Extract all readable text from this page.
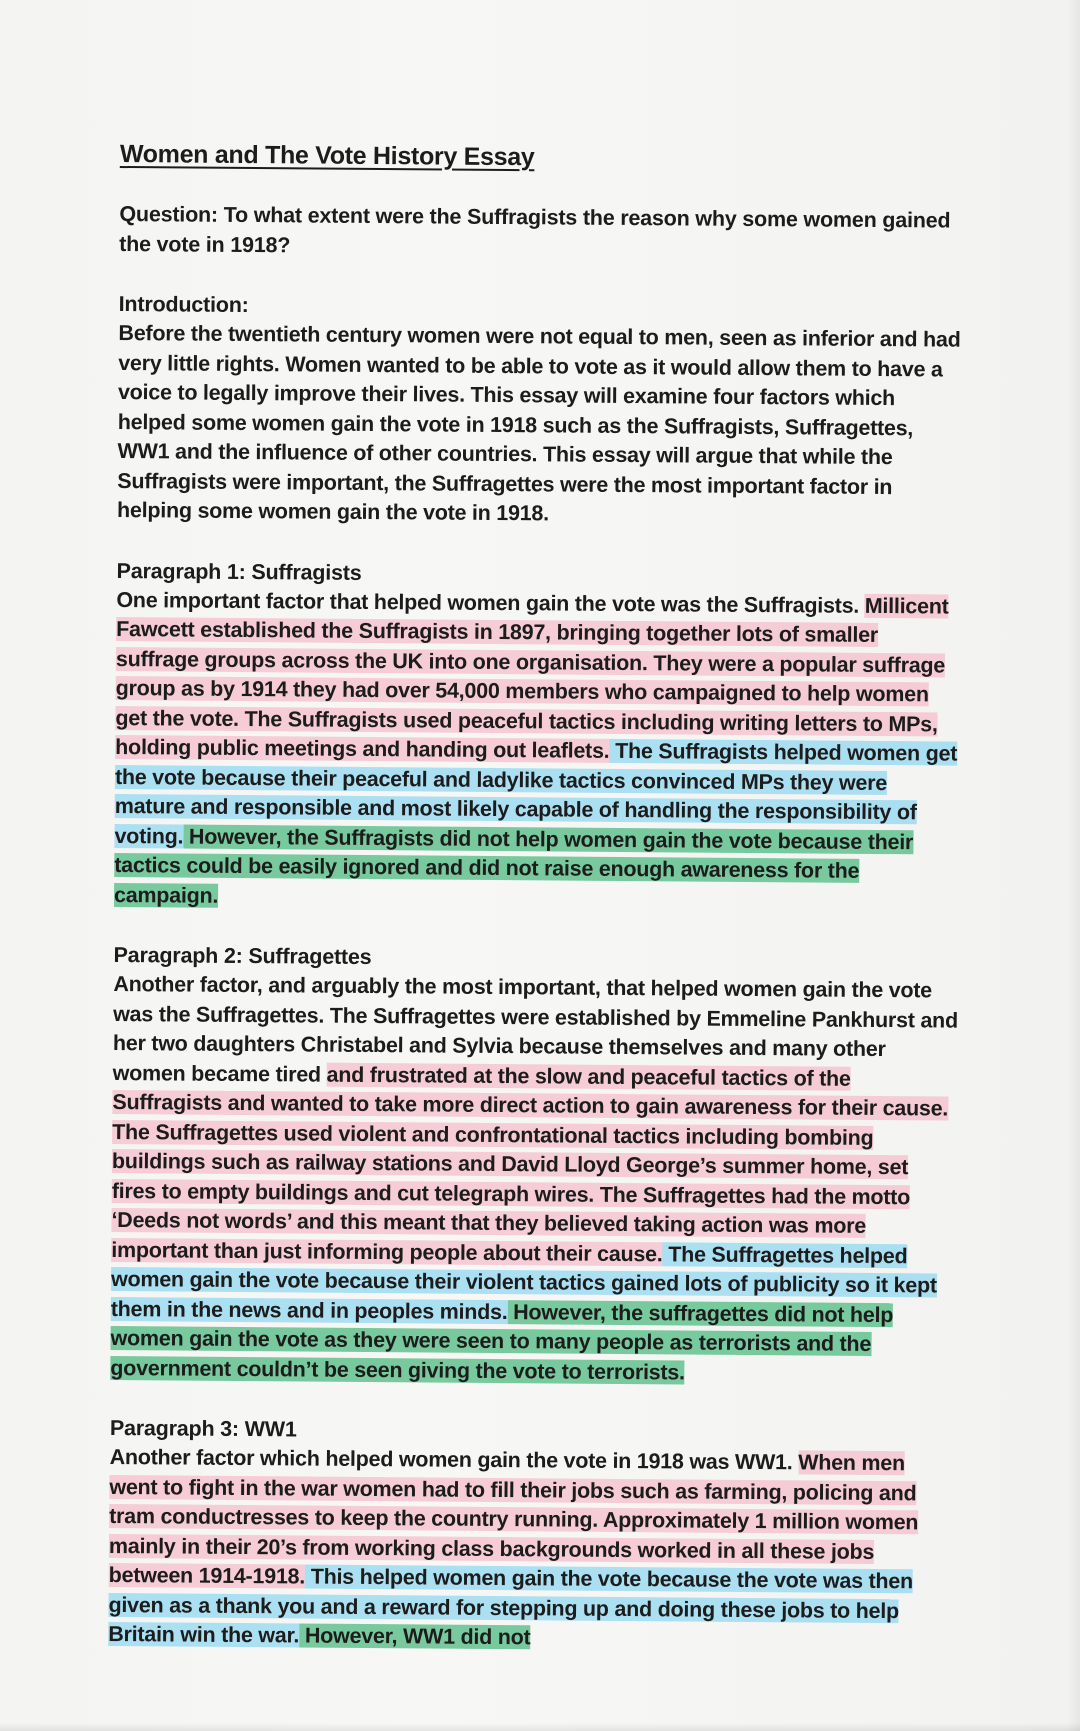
Women and The Vote History Essay

Question: To what extent were the Suffragists the reason why some women gained the vote in 1918?

Introduction:

Before the twentieth century women were not equal to men, seen as inferior and had very little rights. Women wanted to be able to vote as it would allow them to have a voice to legally improve their lives. This essay will examine four factors which helped some women gain the vote in 1918 such as the Suffragists, Suffragettes, WW1 and the influence of other countries. This essay will argue that while the Suffragists were important, the Suffragettes were the most important factor in helping some women gain the vote in 1918.

Paragraph 1: Suffragists

One important factor that helped women gain the vote was the Suffragists. Millicent Fawcett established the Suffragists in 1897, bringing together lots of smaller suffrage groups across the UK into one organisation. They were a popular suffrage group as by 1914 they had over 54,000 members who campaigned to help women get the vote. The Suffragists used peaceful tactics including writing letters to MPs, holding public meetings and handing out leaflets. The Suffragists helped women get the vote because their peaceful and ladylike tactics convinced MPs they were mature and responsible and most likely capable of handling the responsibility of voting. However, the Suffragists did not help women gain the vote because their tactics could be easily ignored and did not raise enough awareness for the campaign.

Paragraph 2: Suffragettes

Another factor, and arguably the most important, that helped women gain the vote was the Suffragettes. The Suffragettes were established by Emmeline Pankhurst and her two daughters Christabel and Sylvia because themselves and many other women became tired and frustrated at the slow and peaceful tactics of the Suffragists and wanted to take more direct action to gain awareness for their cause. The Suffragettes used violent and confrontational tactics including bombing buildings such as railway stations and David Lloyd George’s summer home, set fires to empty buildings and cut telegraph wires. The Suffragettes had the motto ‘Deeds not words’ and this meant that they believed taking action was more important than just informing people about their cause. The Suffragettes helped women gain the vote because their violent tactics gained lots of publicity so it kept them in the news and in peoples minds. However, the suffragettes did not help women gain the vote as they were seen to many people as terrorists and the government couldn’t be seen giving the vote to terrorists.

Paragraph 3: WW1

Another factor which helped women gain the vote in 1918 was WW1. When men went to fight in the war women had to fill their jobs such as farming, policing and tram conductresses to keep the country running. Approximately 1 million women mainly in their 20’s from working class backgrounds worked in all these jobs between 1914-1918. This helped women gain the vote because the vote was then given as a thank you and a reward for stepping up and doing these jobs to help Britain win the war. However, WW1 did not
